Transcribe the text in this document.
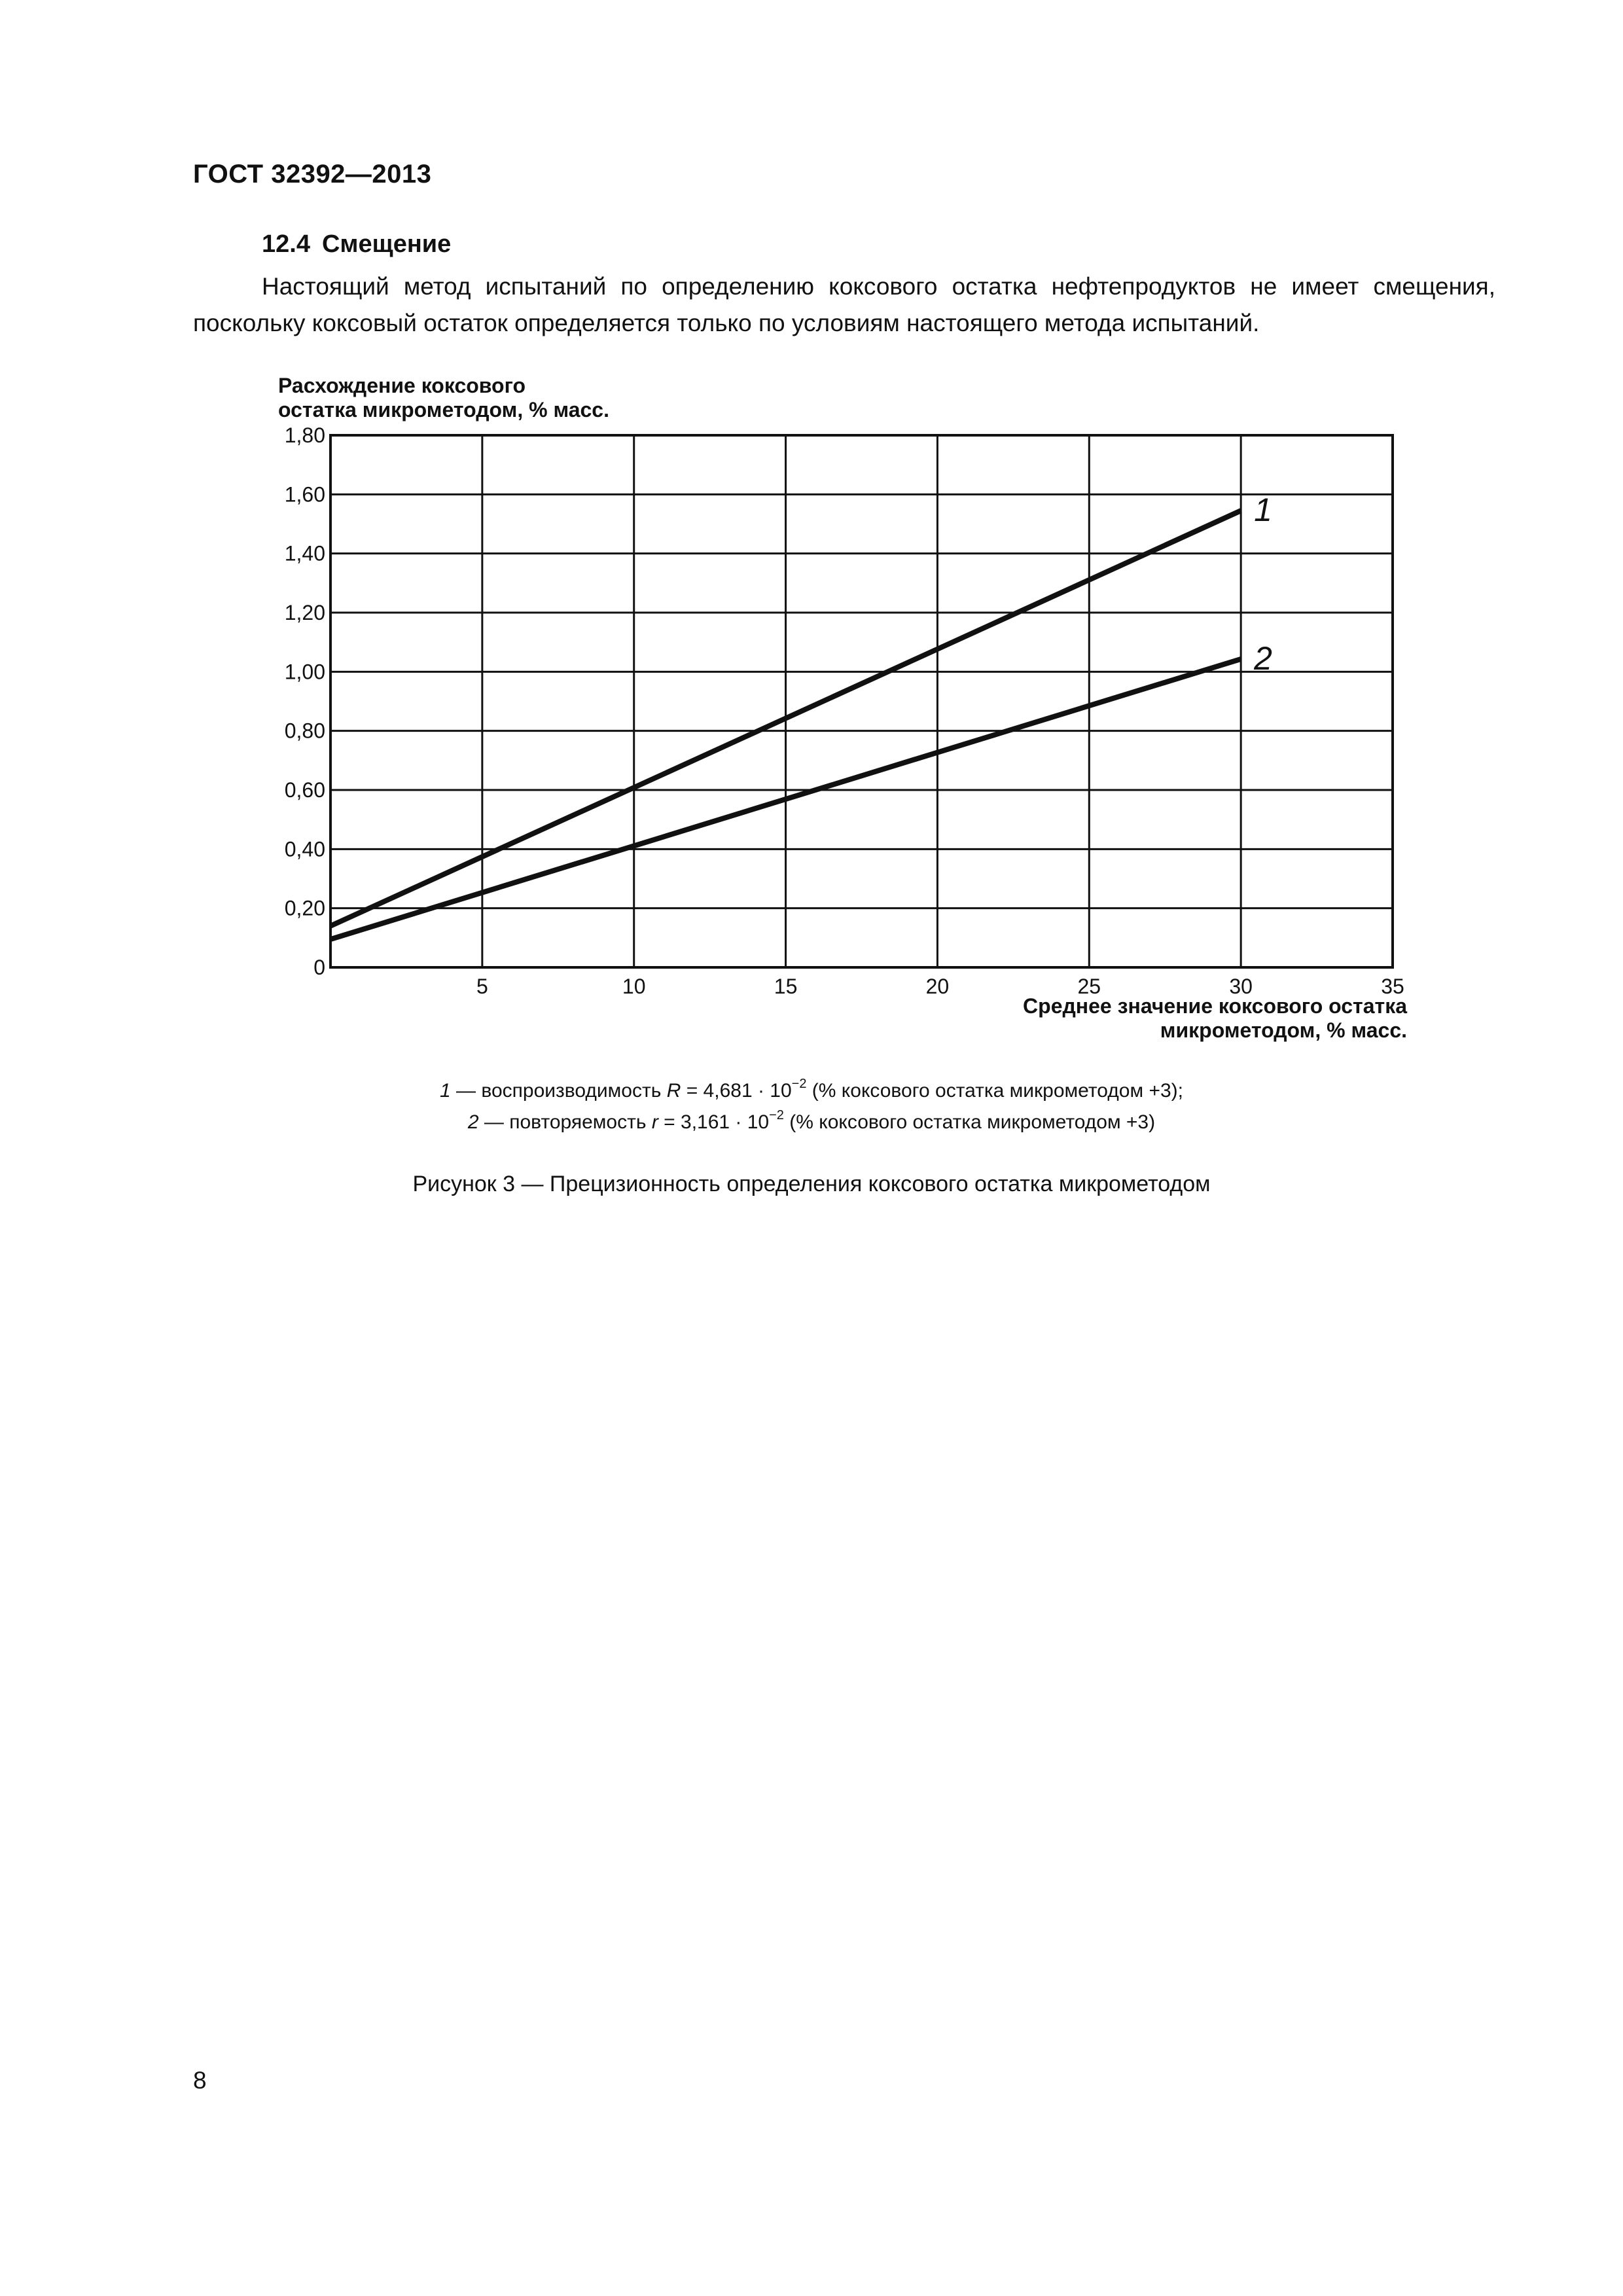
ГОСТ 32392—2013
12.4 Смещение

Настоящий метод испытаний по определению коксового остатка нефтепродуктов не имеет смещения, поскольку коксовый остаток определяется только по условиям настоящего метода испытаний.

5	10	15	20	25	30	35
0
0,20
0,40
0,60
0,80
1,00
1,20
1,40
1,60
1,80
1
2
Расхождение коксового
остатка микрометодом, % масс.
Среднее значение коксового остатка
микрометодом, % масс.
1 — воспроизводимость $R = 4,681 \cdot 10^{-2}$ (% коксового остатка микрометодом +3);
2 — повторяемость $r = 3,161 \cdot 10^{-2}$ (% коксового остатка микрометодом +3)
Рисунок 3 — Прецизионность определения коксового остатка микрометодом
8
